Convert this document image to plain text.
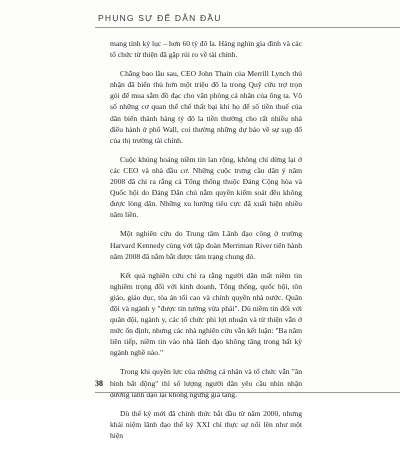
PHỤNG SỰ ĐỂ DẪN ĐẦU

mang tính kỷ lục – hơn 60 tỷ đô la. Hàng nghìn gia đình và các tổ chức từ thiện đã gặp rủi ro về tài chính.

Chẳng bao lâu sau, CEO John Thain của Merrill Lynch thú nhận đã biển thủ hơn một triệu đô la trong Quỹ cứu trợ trọn gói để mua sắm đồ đạc cho văn phòng cá nhân của ông ta. Vô số những cơ quan thể chế thất bại khi họ để số tiền thuế của dân biến thành hàng tỷ đô la tiền thưởng cho rất nhiều nhà điều hành ở phố Wall, coi thường những dự báo về sự sụp đổ của thị trường tài chính.

Cuộc khủng hoảng niềm tin lan rộng, không chỉ dừng lại ở các CEO và nhà đầu cơ. Những cuộc trưng cầu dân ý năm 2008 đã chỉ ra rằng cả Tổng thống thuộc Đảng Cộng hòa và Quốc hội do Đảng Dân chủ nắm quyền kiểm soát đều không được lòng dân. Những xu hướng tiêu cực đã xuất hiện nhiều năm liền.

Một nghiên cứu do Trung tâm Lãnh đạo công ở trường Harvard Kennedy cùng với tập đoàn Merriman River tiến hành năm 2008 đã nắm bắt được tâm trạng chung đó.

Kết quả nghiên cứu chỉ ra rằng người dân mất niềm tin nghiêm trọng đối với kinh doanh, Tổng thống, quốc hội, tôn giáo, giáo dục, tòa án tối cao và chính quyền nhà nước. Quân đội và ngành y "được tin tưởng vừa phải". Dù niềm tin đối với quân đội, ngành y, các tổ chức phi lợi nhuận và từ thiện vẫn ở mức ổn định, nhưng các nhà nghiên cứu vẫn kết luận: "Ba năm liên tiếp, niềm tin vào nhà lãnh đạo không tăng trong bất kỳ ngành nghề nào."

Trong khi quyền lực của những cá nhân và tổ chức vẫn "ăn bình bất động" thì số lượng người dân yêu cầu nhìn nhận đường lãnh đạo lại không ngừng gia tăng.

Dù thế kỷ mới đã chính thức bắt đầu từ năm 2000, nhưng khái niệm lãnh đạo thế kỷ XXI chỉ thực sự nổi lên như một hiện

38
